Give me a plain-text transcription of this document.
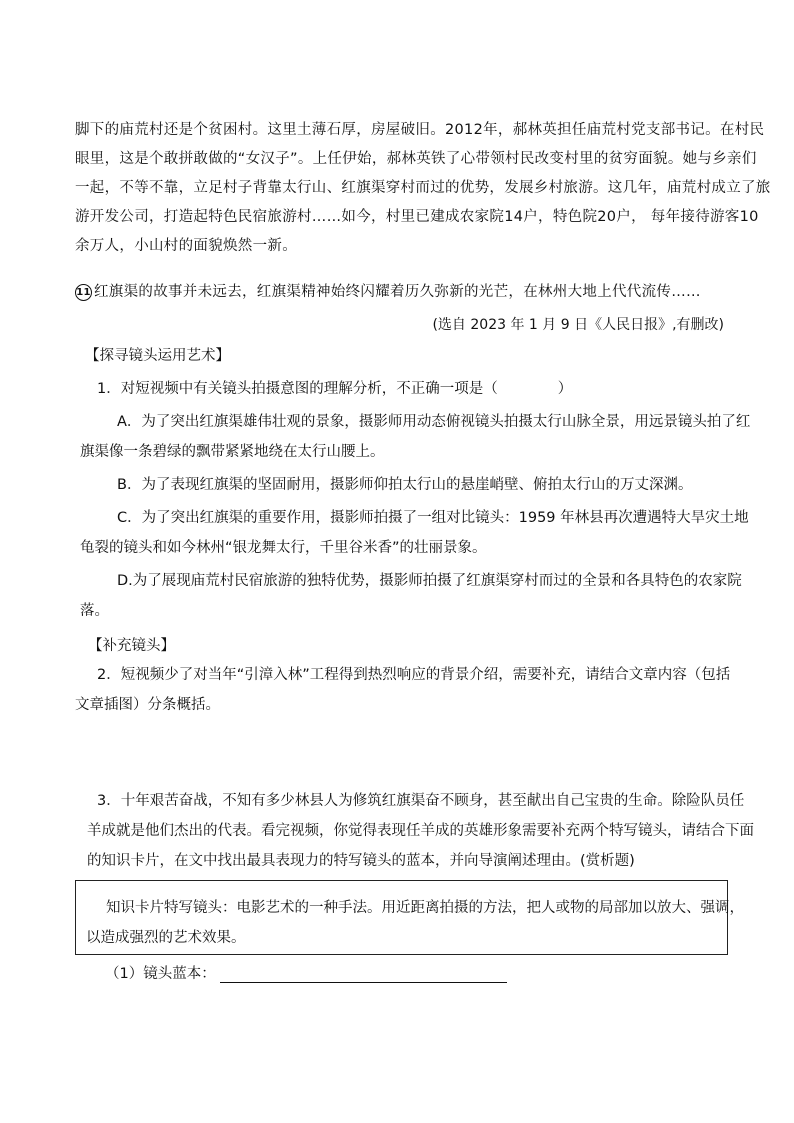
脚下的庙荒村还是个贫困村。这里土薄石厚，房屋破旧。2012年，郝林英担任庙荒村党支部书记。在村民
眼里，这是个敢拼敢做的“女汉子”。上任伊始，郝林英铁了心带领村民改变村里的贫穷面貌。她与乡亲们
一起，不等不靠，立足村子背靠太行山、红旗渠穿村而过的优势，发展乡村旅游。这几年，庙荒村成立了旅
游开发公司，打造起特色民宿旅游村……如今，村里已建成农家院14户，特色院20户， 每年接待游客10
余万人，小山村的面貌焕然一新。
11 红旗渠的故事并未远去，红旗渠精神始终闪耀着历久弥新的光芒，在林州大地上代代流传……
(选自 2023 年 1 月 9 日《人民日报》,有删改)
【探寻镜头运用艺术】
1．对短视频中有关镜头拍摄意图的理解分析，不正确一项是（	）
A．为了突出红旗渠雄伟壮观的景象，摄影师用动态俯视镜头拍摄太行山脉全景，用远景镜头拍了红
旗渠像一条碧绿的飘带紧紧地绕在太行山腰上。
B．为了表现红旗渠的坚固耐用，摄影师仰拍太行山的悬崖峭壁、俯拍太行山的万丈深渊。
C．为了突出红旗渠的重要作用，摄影师拍摄了一组对比镜头：1959 年林县再次遭遇特大旱灾土地
龟裂的镜头和如今林州“银龙舞太行，千里谷米香”的壮丽景象。
D.为了展现庙荒村民宿旅游的独特优势，摄影师拍摄了红旗渠穿村而过的全景和各具特色的农家院
落。
【补充镜头】
2．短视频少了对当年“引漳入林”工程得到热烈响应的背景介绍，需要补充，请结合文章内容（包括
文章插图）分条概括。
3．十年艰苦奋战，不知有多少林县人为修筑红旗渠奋不顾身，甚至献出自己宝贵的生命。除险队员任
羊成就是他们杰出的代表。看完视频，你觉得表现任羊成的英雄形象需要补充两个特写镜头，请结合下面
的知识卡片，在文中找出最具表现力的特写镜头的蓝本，并向导演阐述理由。(赏析题)
知识卡片特写镜头：电影艺术的一种手法。用近距离拍摄的方法，把人或物的局部加以放大、强调，
以造成强烈的艺术效果。
（1）镜头蓝本：
